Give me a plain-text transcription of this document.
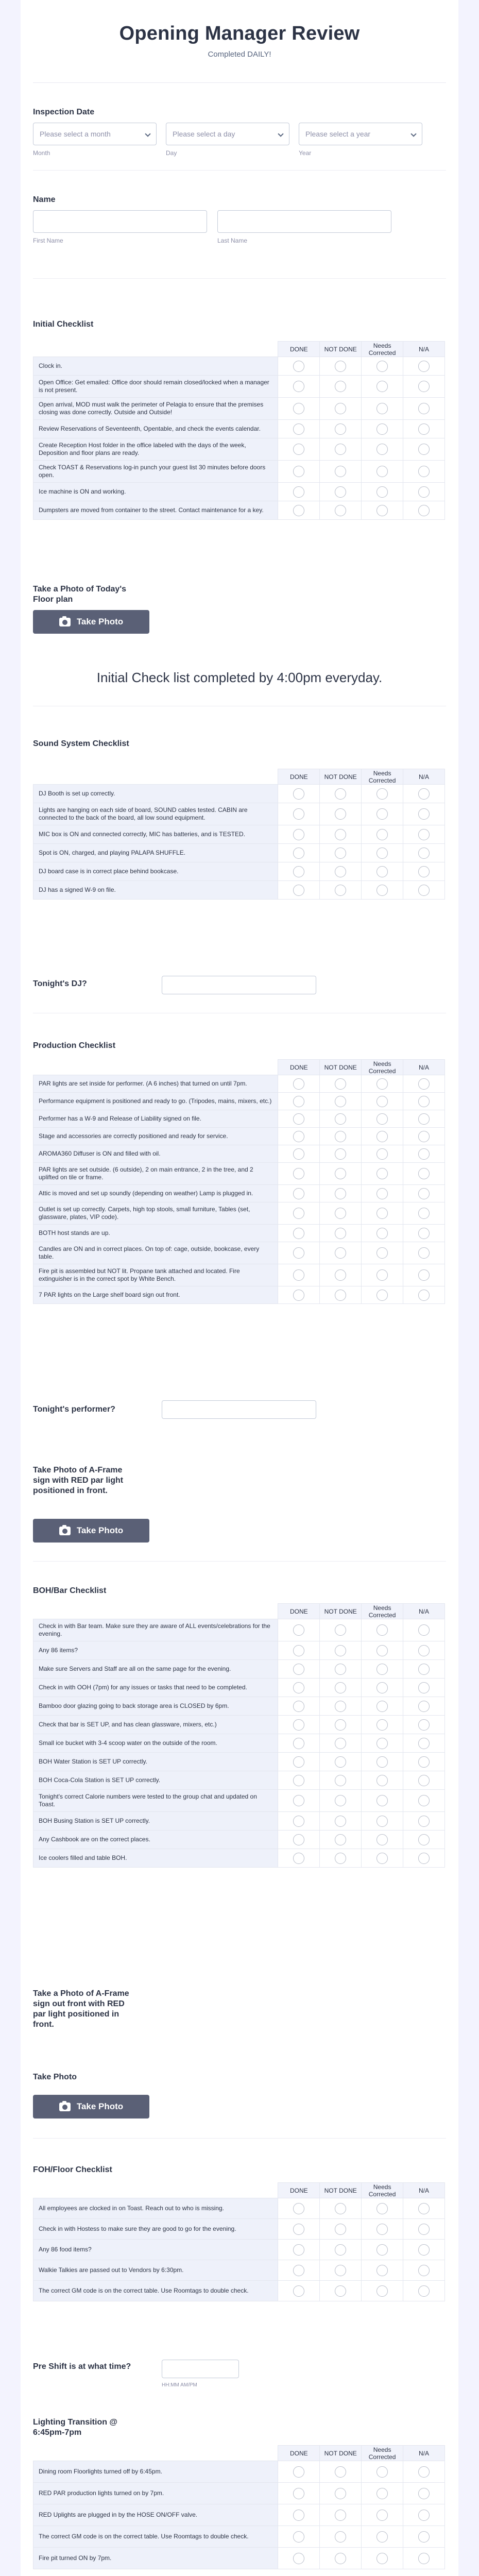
Opening Manager Review

Completed DAILY!

Inspection Date
Please select a month	Please select a day	Please select a year
Month	Day	Year
Name
First Name	Last Name
Initial Checklist
	DONE	NOT DONE	Needs Corrected	N/A
Clock in.				
Open Office: Get emailed: Office door should remain closed/locked when a manager is not present.				
Open arrival, MOD must walk the perimeter of Pelagia to ensure that the premises closing was done correctly. Outside and Outside!				
Review Reservations of Seventeenth, Opentable, and check the events calendar.				
Create Reception Host folder in the office labeled with the days of the week, Deposition and floor plans are ready.				
Check TOAST & Reservations log-in punch your guest list 30 minutes before doors open.				
Ice machine is ON and working.				
Dumpsters are moved from container to the street. Contact maintenance for a key.				
Take a Photo of Today's Floor plan
Take Photo
Initial Check list completed by 4:00pm everyday.
Sound System Checklist
	DONE	NOT DONE	Needs Corrected	N/A
DJ Booth is set up correctly.				
Lights are hanging on each side of board, SOUND cables tested. CABIN are connected to the back of the board, all low sound equipment.				
MIC box is ON and connected correctly, MIC has batteries, and is TESTED.				
Spot is ON, charged, and playing PALAPA SHUFFLE.				
DJ board case is in correct place behind bookcase.				
DJ has a signed W-9 on file.				
Tonight's DJ?
Production Checklist
	DONE	NOT DONE	Needs Corrected	N/A
PAR lights are set inside for performer. (A 6 inches) that turned on until 7pm.				
Performance equipment is positioned and ready to go. (Tripodes, mains, mixers, etc.)				
Performer has a W-9 and Release of Liability signed on file.				
Stage and accessories are correctly positioned and ready for service.				
AROMA360 Diffuser is ON and filled with oil.				
PAR lights are set outside. (6 outside), 2 on main entrance, 2 in the tree, and 2 uplifted on tile or frame.				
Attic is moved and set up soundly (depending on weather) Lamp is plugged in.				
Outlet is set up correctly. Carpets, high top stools, small furniture, Tables (set, glassware, plates, VIP code).				
BOTH host stands are up.				
Candles are ON and in correct places. On top of: cage, outside, bookcase, every table.				
Fire pit is assembled but NOT lit. Propane tank attached and located. Fire extinguisher is in the correct spot by White Bench.				
7 PAR lights on the Large shelf board sign out front.				
Tonight's performer?
Take Photo of A-Frame sign with RED par light positioned in front.
Take Photo
BOH/Bar Checklist
	DONE	NOT DONE	Needs Corrected	N/A
Check in with Bar team. Make sure they are aware of ALL events/celebrations for the evening.				
Any 86 items?				
Make sure Servers and Staff are all on the same page for the evening.				
Check in with OOH (7pm) for any issues or tasks that need to be completed.				
Bamboo door glazing going to back storage area is CLOSED by 6pm.				
Check that bar is SET UP, and has clean glassware, mixers, etc.)				
Small ice bucket with 3-4 scoop water on the outside of the room.				
BOH Water Station is SET UP correctly.				
BOH Coca-Cola Station is SET UP correctly.				
Tonight's correct Calorie numbers were tested to the group chat and updated on Toast.				
BOH Busing Station is SET UP correctly.				
Any Cashbook are on the correct places.				
Ice coolers filled and table BOH.				
Take a Photo of A-Frame sign out front with RED par light positioned in front.
Take Photo
Take Photo
FOH/Floor Checklist
	DONE	NOT DONE	Needs Corrected	N/A
All employees are clocked in on Toast. Reach out to who is missing.				
Check in with Hostess to make sure they are good to go for the evening.				
Any 86 food items?				
Walkie Talkies are passed out to Vendors by 6:30pm.				
The correct GM code is on the correct table. Use Roomtags to double check.				
Pre Shift is at what time?
HH:MM AM/PM
Lighting Transition @ 6:45pm-7pm
	DONE	NOT DONE	Needs Corrected	N/A
Dining room Floorlights turned off by 6:45pm.				
RED PAR production lights turned on by 7pm.				
RED Uplights are plugged in by the HOSE ON/OFF valve.				
The correct GM code is on the correct table. Use Roomtags to double check.				
Fire pit turned ON by 7pm.				
